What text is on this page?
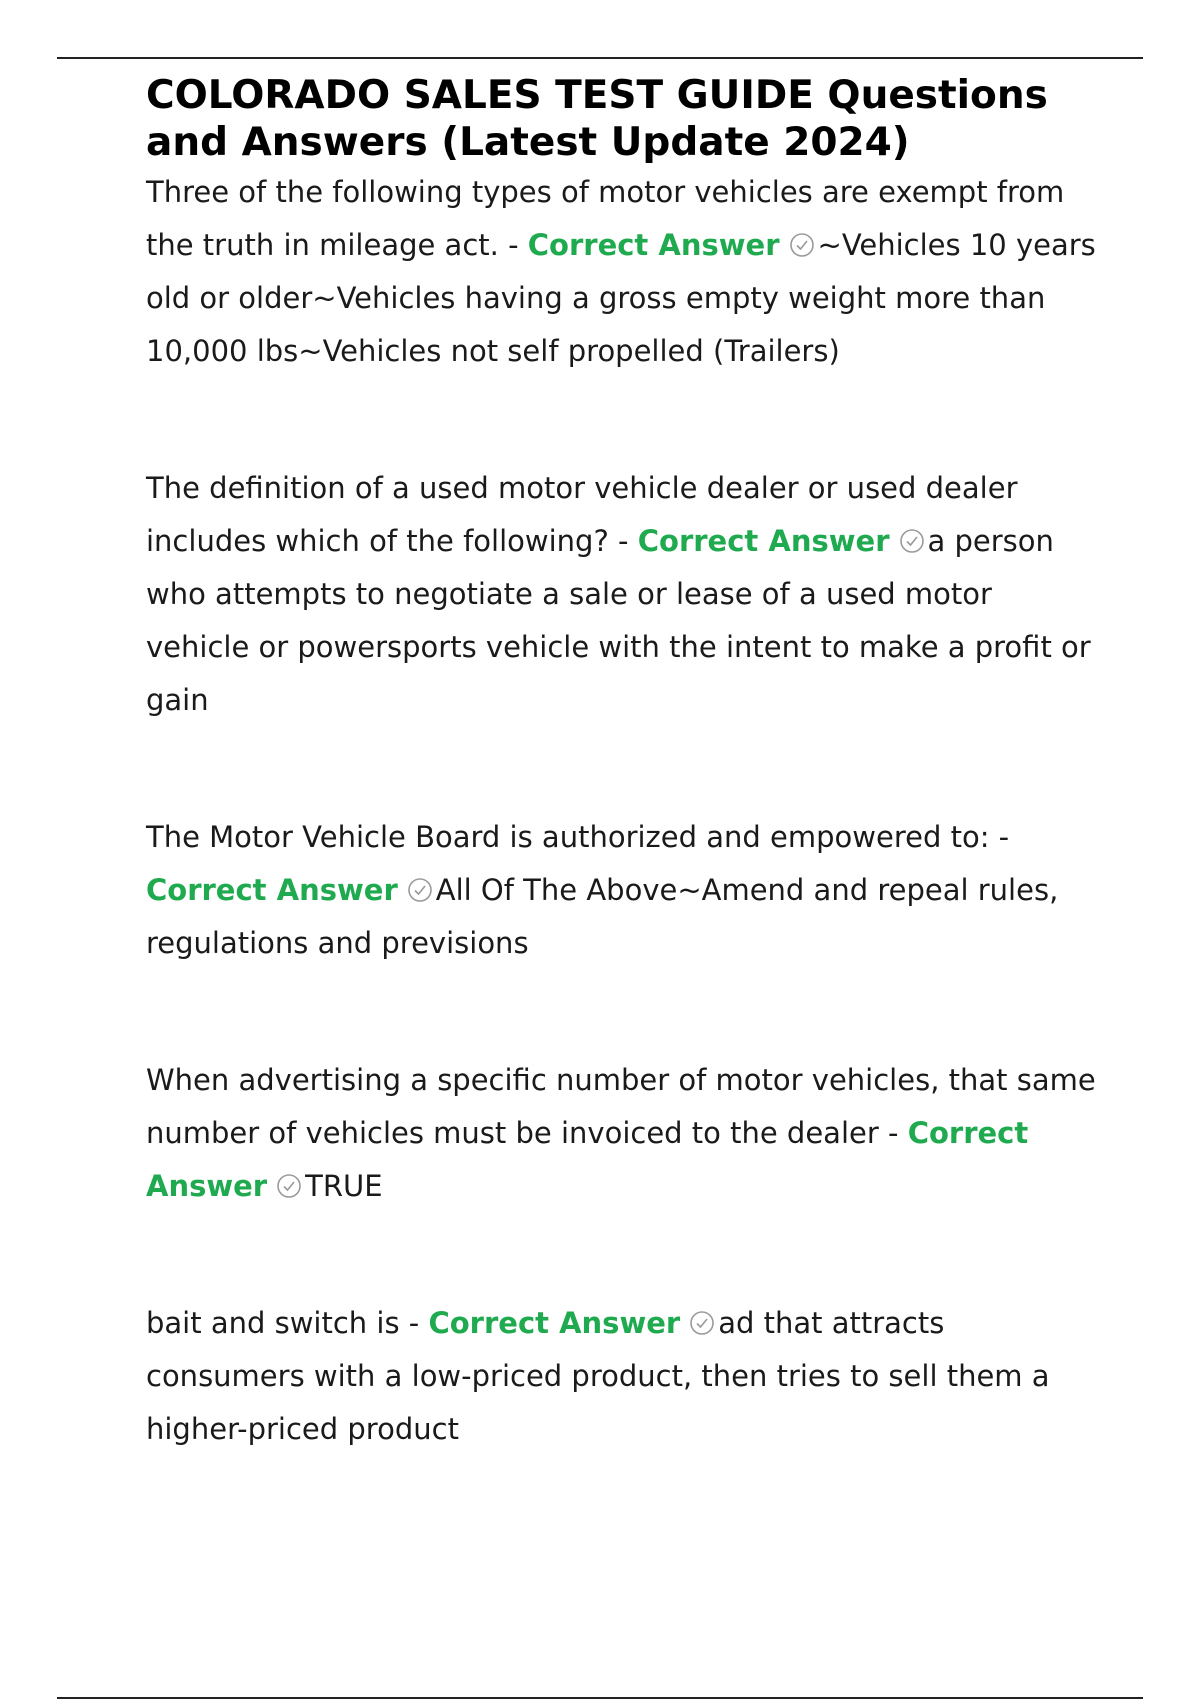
COLORADO SALES TEST GUIDE Questions and Answers (Latest Update 2024)

Three of the following types of motor vehicles are exempt from the truth in mileage act. - Correct Answer ~Vehicles 10 years old or older~Vehicles having a gross empty weight more than 10,000 lbs~Vehicles not self propelled (Trailers)

The definition of a used motor vehicle dealer or used dealer includes which of the following? - Correct Answer a person who attempts to negotiate a sale or lease of a used motor vehicle or powersports vehicle with the intent to make a profit or gain

The Motor Vehicle Board is authorized and empowered to: - Correct Answer All Of The Above~Amend and repeal rules, regulations and previsions

When advertising a specific number of motor vehicles, that same number of vehicles must be invoiced to the dealer - Correct Answer TRUE

bait and switch is - Correct Answer ad that attracts consumers with a low-priced product, then tries to sell them a higher-priced product
